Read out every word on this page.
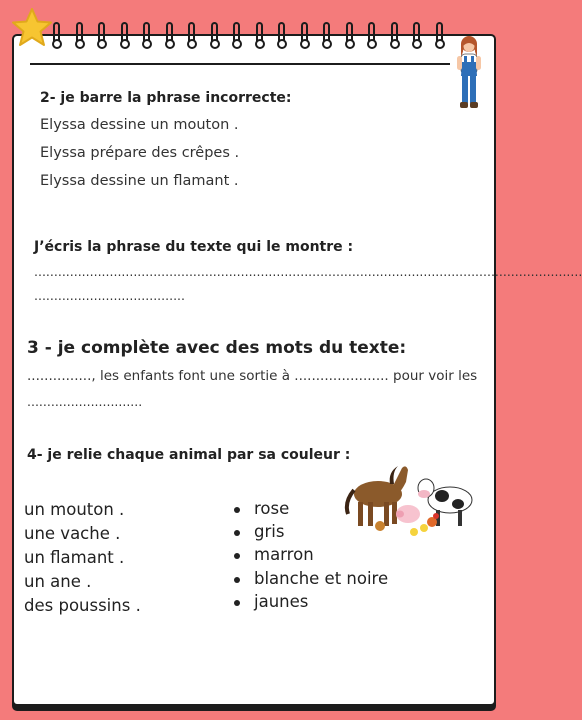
2- je barre la phrase incorrecte:
Elyssa dessine un mouton .
Elyssa prépare des crêpes .
Elyssa dessine un flamant .
J’écris la phrase du texte qui le montre :
..........................................................................................................................................
......................................
3 - je complète avec des mots du texte:
..............., les enfants font une sortie à ...................... pour voir les
.............................
4- je relie chaque animal par sa couleur :
un mouton .
une vache .
un flamant .
un ane .
des poussins .
rose
gris
marron
blanche et noire
jaunes
